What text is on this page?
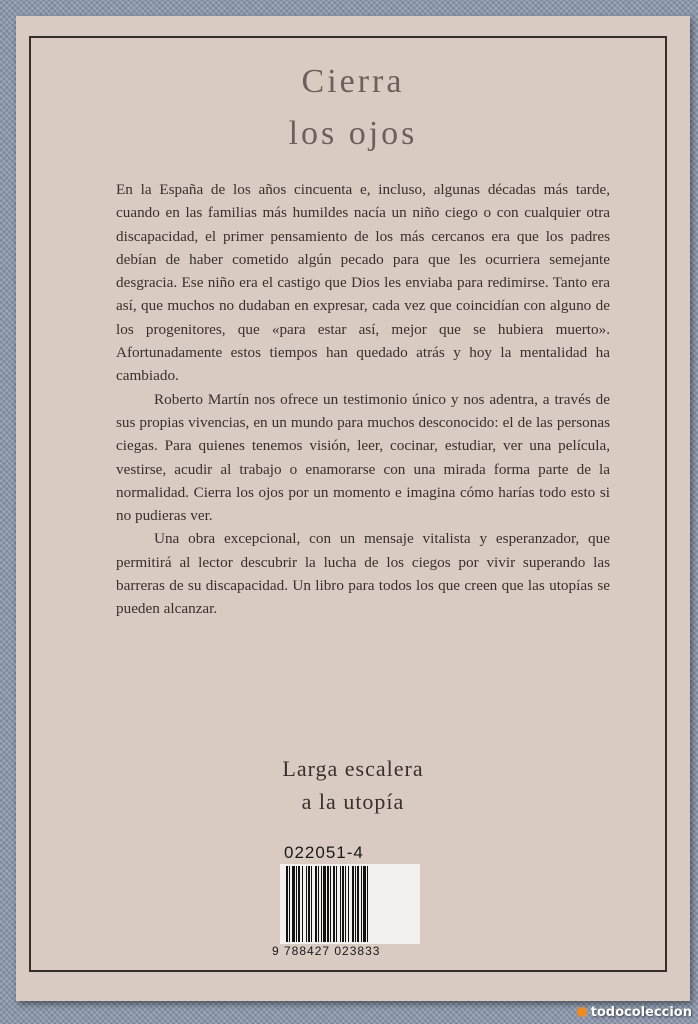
Cierra
los ojos

En la España de los años cincuenta e, incluso, algunas décadas más tarde, cuando en las familias más humildes nacía un niño ciego o con cualquier otra discapacidad, el primer pensamiento de los más cercanos era que los padres debían de haber cometido algún pecado para que les ocurriera semejante desgracia. Ese niño era el castigo que Dios les enviaba para redimirse. Tanto era así, que muchos no dudaban en expresar, cada vez que coincidían con alguno de los progenitores, que «para estar así, mejor que se hubiera muerto». Afortunadamente estos tiempos han quedado atrás y hoy la mentalidad ha cambiado.

Roberto Martín nos ofrece un testimonio único y nos adentra, a través de sus propias vivencias, en un mundo para muchos desconocido: el de las personas ciegas. Para quienes tenemos visión, leer, cocinar, estudiar, ver una película, vestirse, acudir al trabajo o enamorarse con una mirada forma parte de la normalidad. Cierra los ojos por un momento e imagina cómo harías todo esto si no pudieras ver.

Una obra excepcional, con un mensaje vitalista y esperanzador, que permitirá al lector descubrir la lucha de los ciegos por vivir superando las barreras de su discapacidad. Un libro para todos los que creen que las utopías se pueden alcanzar.

Larga escalera
a la utopía
022051-4
9 788427 023833
todocoleccion
